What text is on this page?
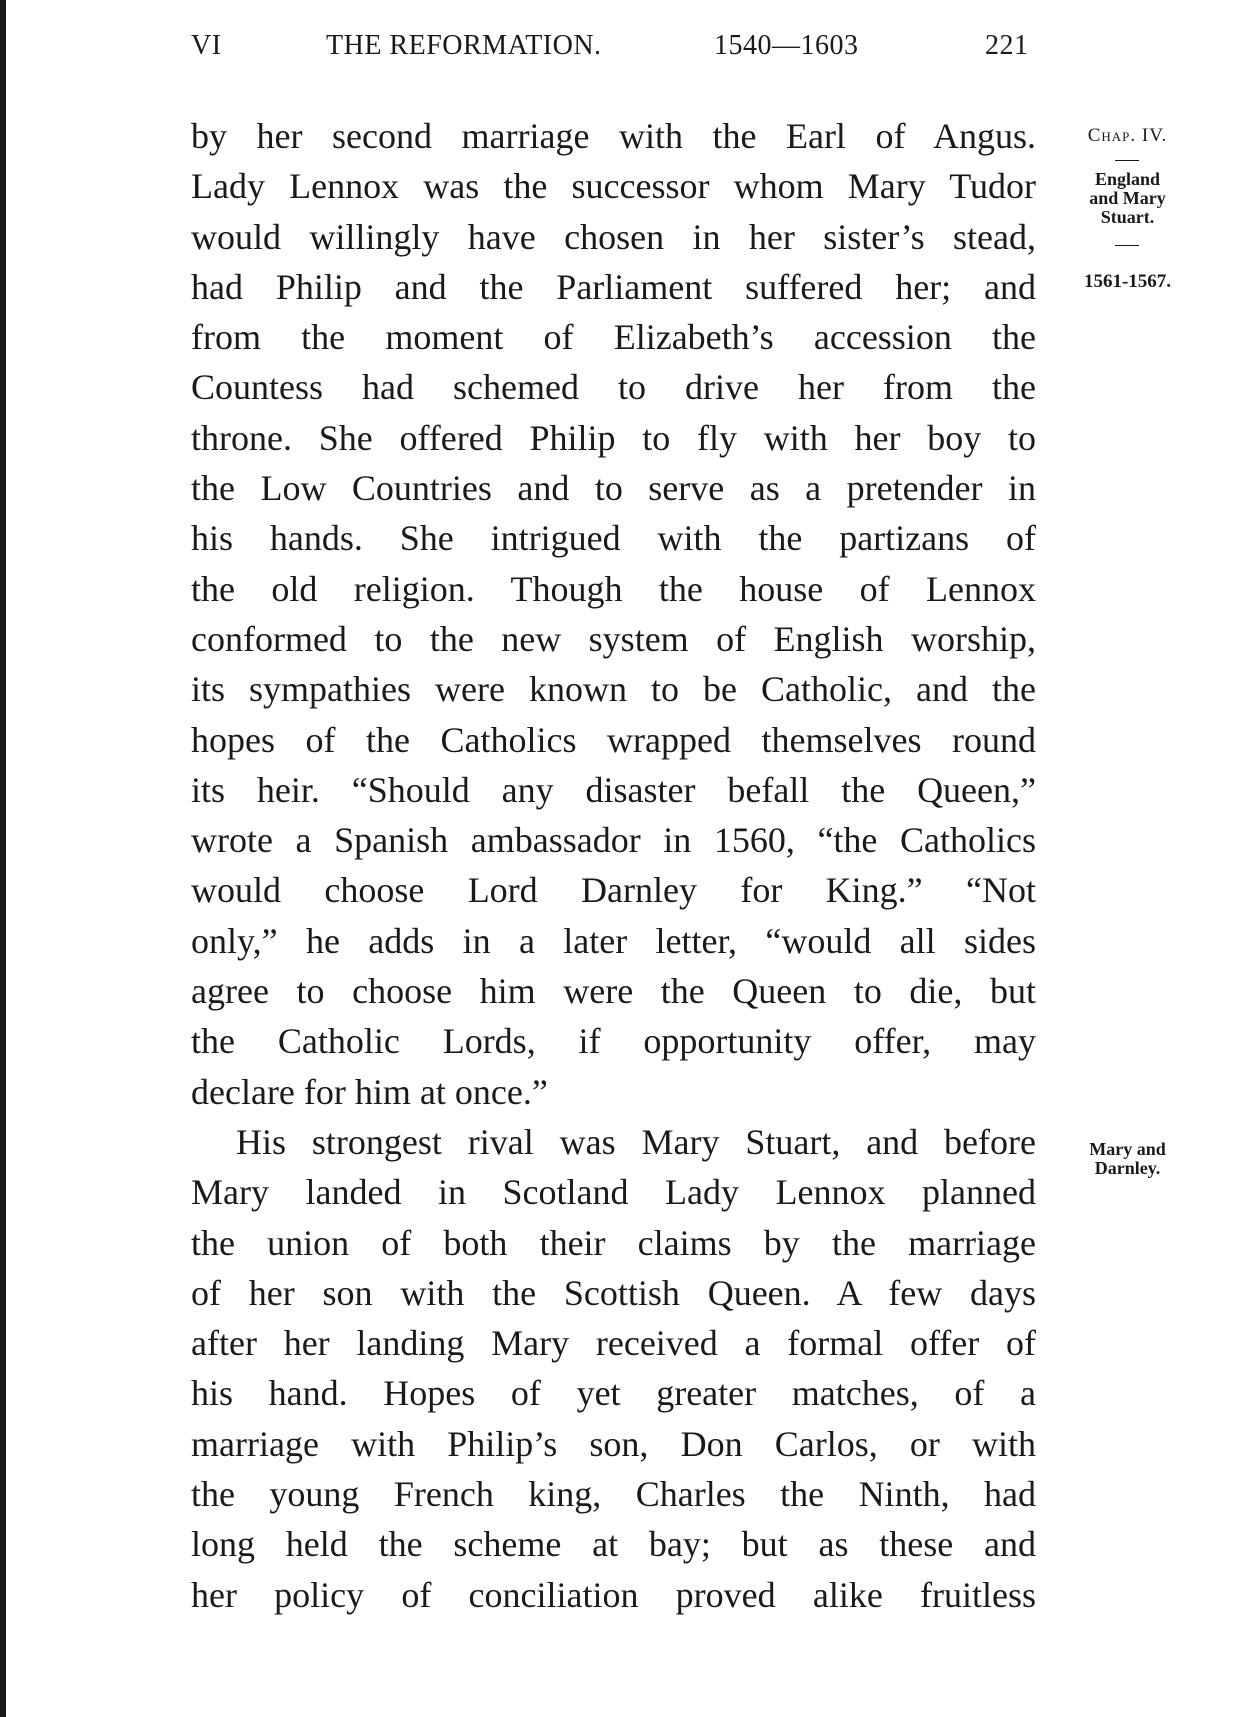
VI	THE REFORMATION.	1540—1603	221
by her second marriage with the Earl of Angus.
Lady Lennox was the successor whom Mary Tudor
would willingly have chosen in her sister’s stead,
had Philip and the Parliament suffered her; and
from the moment of Elizabeth’s accession the
Countess had schemed to drive her from the
throne. She offered Philip to fly with her boy to
the Low Countries and to serve as a pretender in
his hands. She intrigued with the partizans of
the old religion. Though the house of Lennox
conformed to the new system of English worship,
its sympathies were known to be Catholic, and the
hopes of the Catholics wrapped themselves round
its heir. “Should any disaster befall the Queen,”
wrote a Spanish ambassador in 1560, “the Catholics
would choose Lord Darnley for King.” “Not
only,” he adds in a later letter, “would all sides
agree to choose him were the Queen to die, but
the Catholic Lords, if opportunity offer, may
declare for him at once.”
His strongest rival was Mary Stuart, and before
Mary landed in Scotland Lady Lennox planned
the union of both their claims by the marriage
of her son with the Scottish Queen. A few days
after her landing Mary received a formal offer of
his hand. Hopes of yet greater matches, of a
marriage with Philip’s son, Don Carlos, or with
the young French king, Charles the Ninth, had
long held the scheme at bay; but as these and
her policy of conciliation proved alike fruitless
Chap. IV.
England
and Mary
Stuart.
1561-1567.
Mary and
Darnley.
